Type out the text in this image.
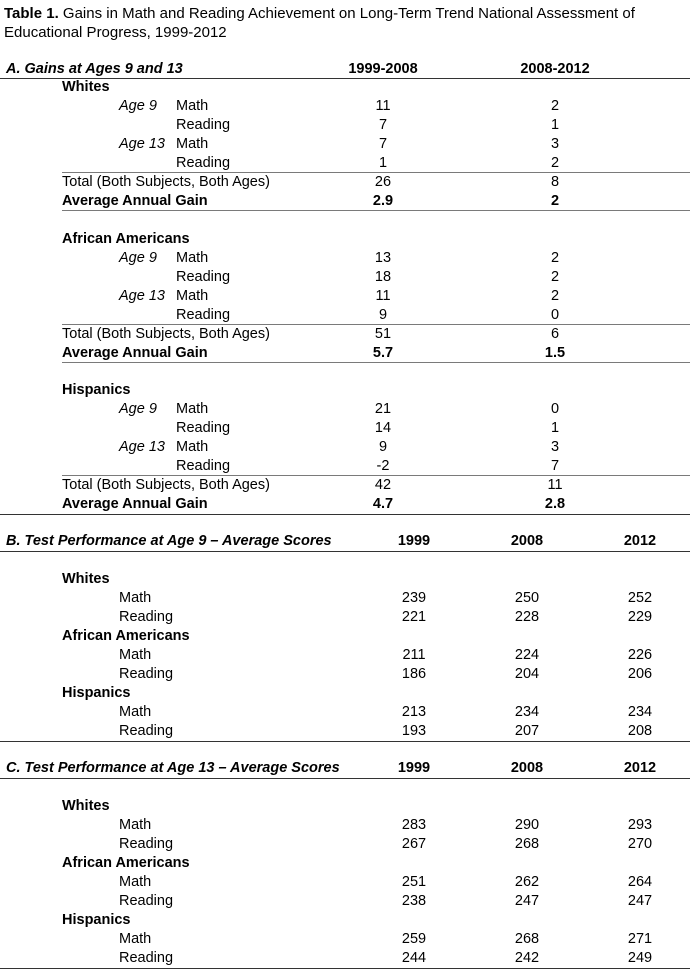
Table 1. Gains in Math and Reading Achievement on Long-Term Trend National Assessment of
Educational Progress, 1999-2012
A. Gains at Ages 9 and 13	1999-2008	2008-2012
Whites
Age 9 Math	11	2
Reading	7	1
Age 13 Math	7	3
Reading	1	2
Total (Both Subjects, Both Ages)	26	8
Average Annual Gain	2.9	2
African Americans
Age 9 Math	13	2
Reading	18	2
Age 13 Math	11	2
Reading	9	0
Total (Both Subjects, Both Ages)	51	6
Average Annual Gain	5.7	1.5
Hispanics
Age 9 Math	21	0
Reading	14	1
Age 13 Math	9	3
Reading	-2	7
Total (Both Subjects, Both Ages)	42	11
Average Annual Gain	4.7	2.8
B. Test Performance at Age 9 – Average Scores	1999	2008	2012
Whites
Math	239	250	252
Reading	221	228	229
African Americans
Math	211	224	226
Reading	186	204	206
Hispanics
Math	213	234	234
Reading	193	207	208
C. Test Performance at Age 13 – Average Scores	1999	2008	2012
Whites
Math	283	290	293
Reading	267	268	270
African Americans
Math	251	262	264
Reading	238	247	247
Hispanics
Math	259	268	271
Reading	244	242	249
